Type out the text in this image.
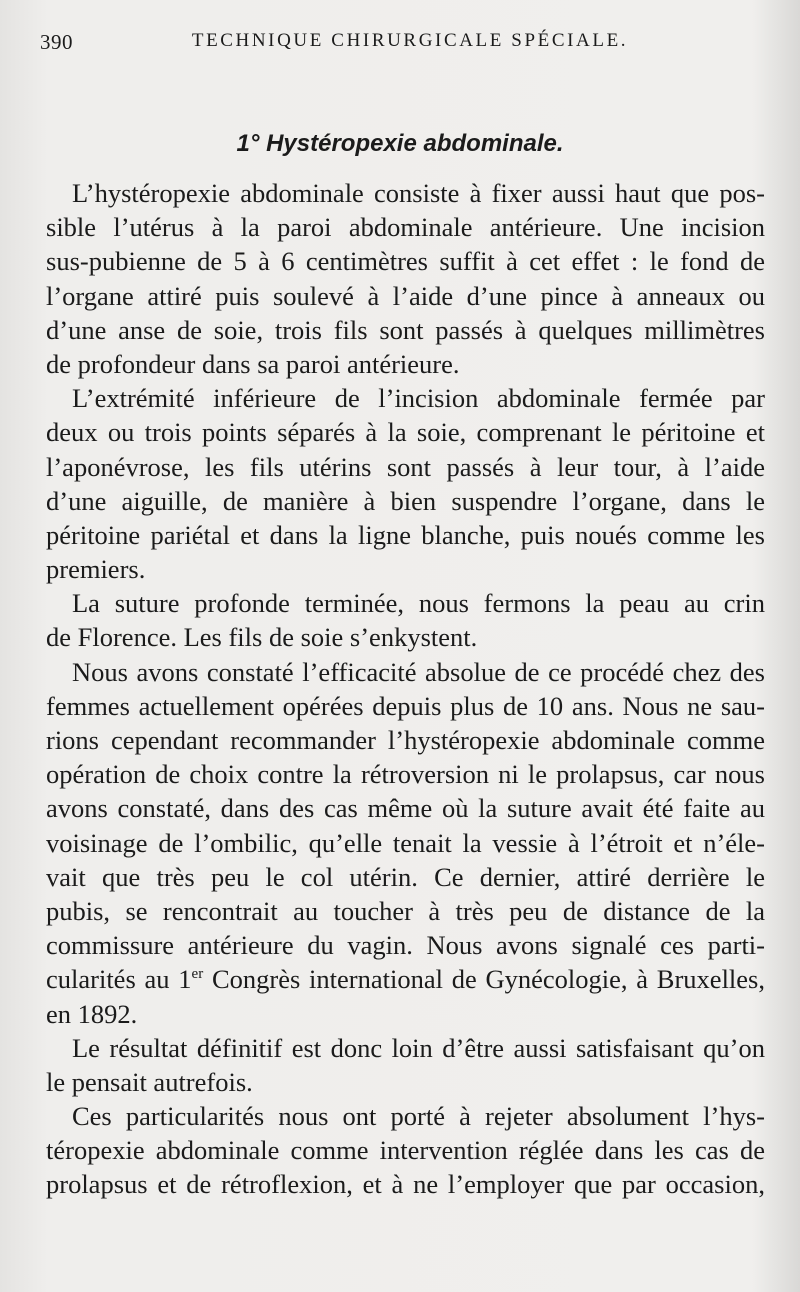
390	TECHNIQUE CHIRURGICALE SPÉCIALE.
1° Hystéropexie abdominale.
L’hystéropexie abdominale consiste à fixer aussi haut que pos-
sible l’utérus à la paroi abdominale antérieure. Une incision
sus-pubienne de 5 à 6 centimètres suffit à cet effet : le fond de
l’organe attiré puis soulevé à l’aide d’une pince à anneaux ou
d’une anse de soie, trois fils sont passés à quelques millimètres
de profondeur dans sa paroi antérieure.
L’extrémité inférieure de l’incision abdominale fermée par
deux ou trois points séparés à la soie, comprenant le péritoine et
l’aponévrose, les fils utérins sont passés à leur tour, à l’aide
d’une aiguille, de manière à bien suspendre l’organe, dans le
péritoine pariétal et dans la ligne blanche, puis noués comme les
premiers.
La suture profonde terminée, nous fermons la peau au crin
de Florence. Les fils de soie s’enkystent.
Nous avons constaté l’efficacité absolue de ce procédé chez des
femmes actuellement opérées depuis plus de 10 ans. Nous ne sau-
rions cependant recommander l’hystéropexie abdominale comme
opération de choix contre la rétroversion ni le prolapsus, car nous
avons constaté, dans des cas même où la suture avait été faite au
voisinage de l’ombilic, qu’elle tenait la vessie à l’étroit et n’éle-
vait que très peu le col utérin. Ce dernier, attiré derrière le
pubis, se rencontrait au toucher à très peu de distance de la
commissure antérieure du vagin. Nous avons signalé ces parti-
cularités au 1er Congrès international de Gynécologie, à Bruxelles,
en 1892.
Le résultat définitif est donc loin d’être aussi satisfaisant qu’on
le pensait autrefois.
Ces particularités nous ont porté à rejeter absolument l’hys-
téropexie abdominale comme intervention réglée dans les cas de
prolapsus et de rétroflexion, et à ne l’employer que par occasion,
